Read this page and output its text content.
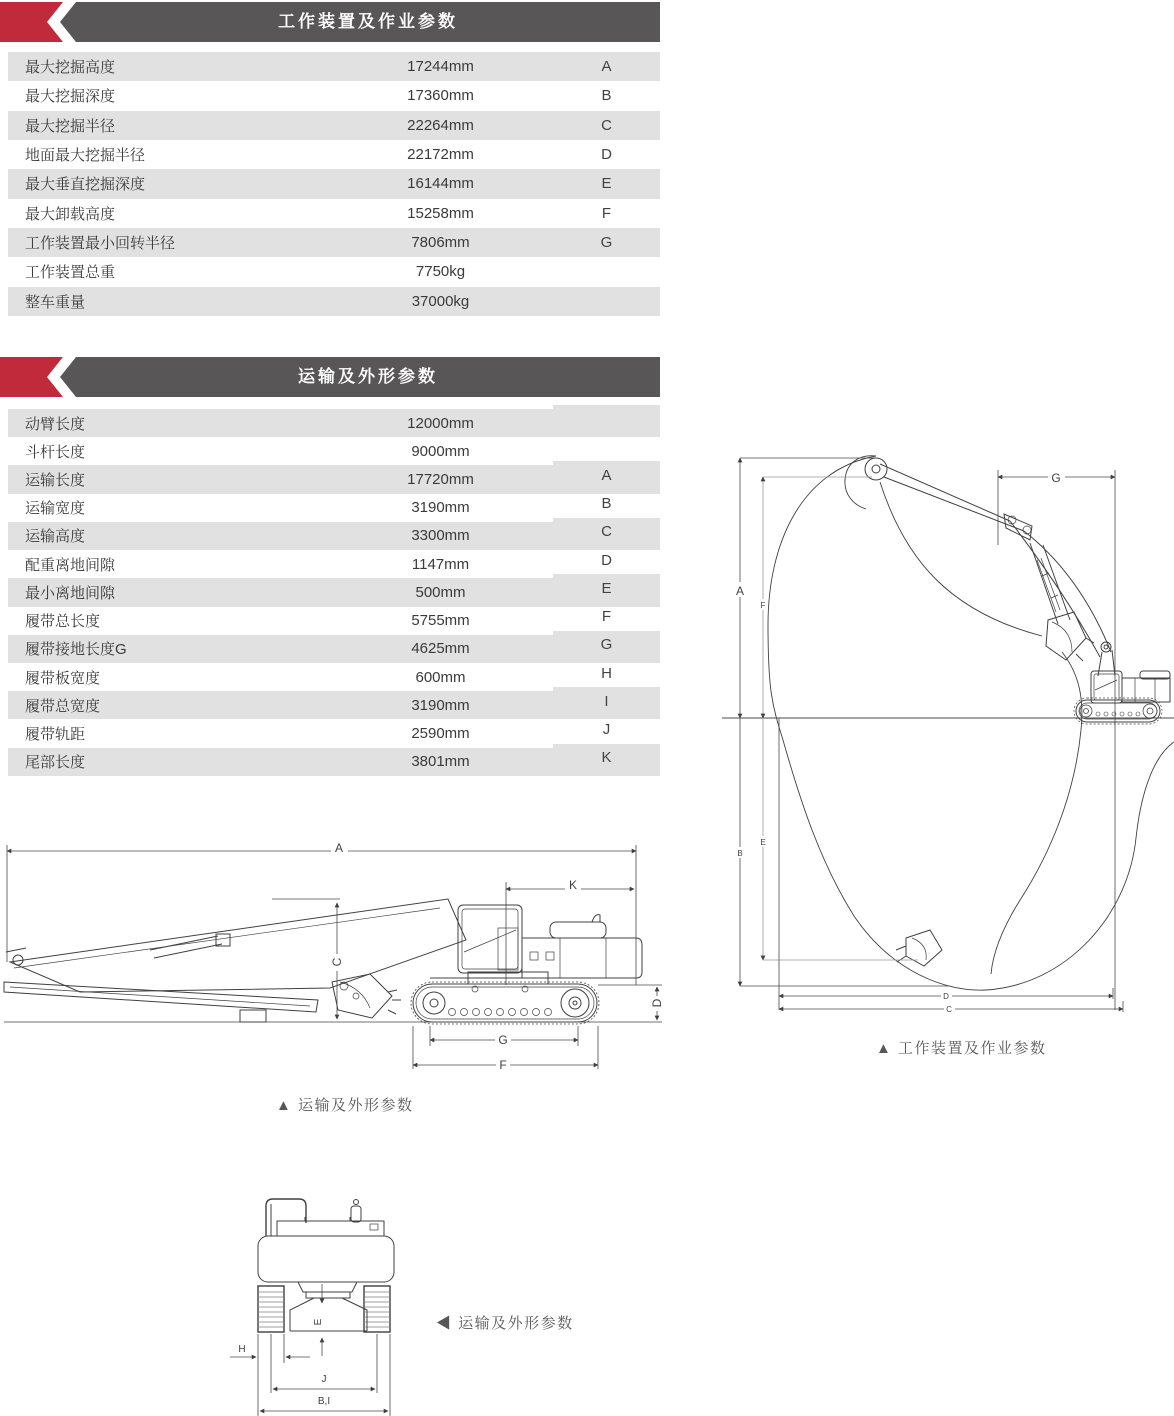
工作装置及作业参数
最大挖掘高度	17244mm	A
最大挖掘深度	17360mm	B
最大挖掘半径	22264mm	C
地面最大挖掘半径	22172mm	D
最大垂直挖掘深度	16144mm	E
最大卸载高度	15258mm	F
工作装置最小回转半径	7806mm	G
工作装置总重	7750kg
整车重量	37000kg
运输及外形参数
动臂长度	12000mm
斗杆长度	9000mm
运输长度	17720mm	A
运输宽度	3190mm	B
运输高度	3300mm	C
配重离地间隙	1147mm	D
最小离地间隙	500mm	E
履带总长度	5755mm	F
履带接地长度G	4625mm	G
履带板宽度	600mm	H
履带总宽度	3190mm	I
履带轨距	2590mm	J
尾部长度	3801mm	K
A
K
C
D
G
F
A
F
B
E
G
D
C
E
H
J
B,I
▲ 运输及外形参数
▲ 工作装置及作业参数
◀ 运输及外形参数
